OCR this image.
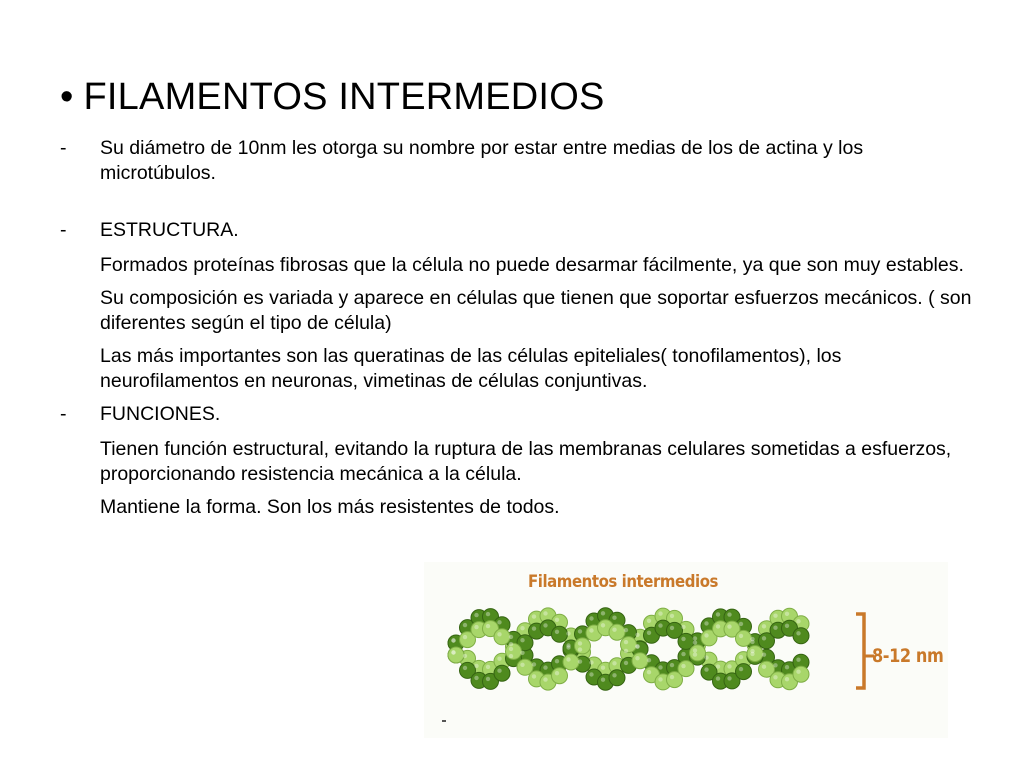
• FILAMENTOS INTERMEDIOS
-	Su diámetro de 10nm les otorga su nombre por estar entre medias de los de actina y los microtúbulos.
-	ESTRUCTURA.
Formados proteínas fibrosas que la célula no puede desarmar fácilmente, ya que son muy estables.
Su composición es variada y aparece en células que tienen que soportar esfuerzos mecánicos. ( son diferentes según el tipo de célula)
Las más importantes son las queratinas de las células epiteliales( tonofilamentos), los neurofilamentos en neuronas, vimetinas de células conjuntivas.
-	FUNCIONES.
Tienen función estructural, evitando la ruptura de las membranas celulares sometidas a esfuerzos, proporcionando resistencia mecánica a la célula.
Mantiene la forma. Son los más resistentes de todos.
Filamentos intermedios
8-12 nm
